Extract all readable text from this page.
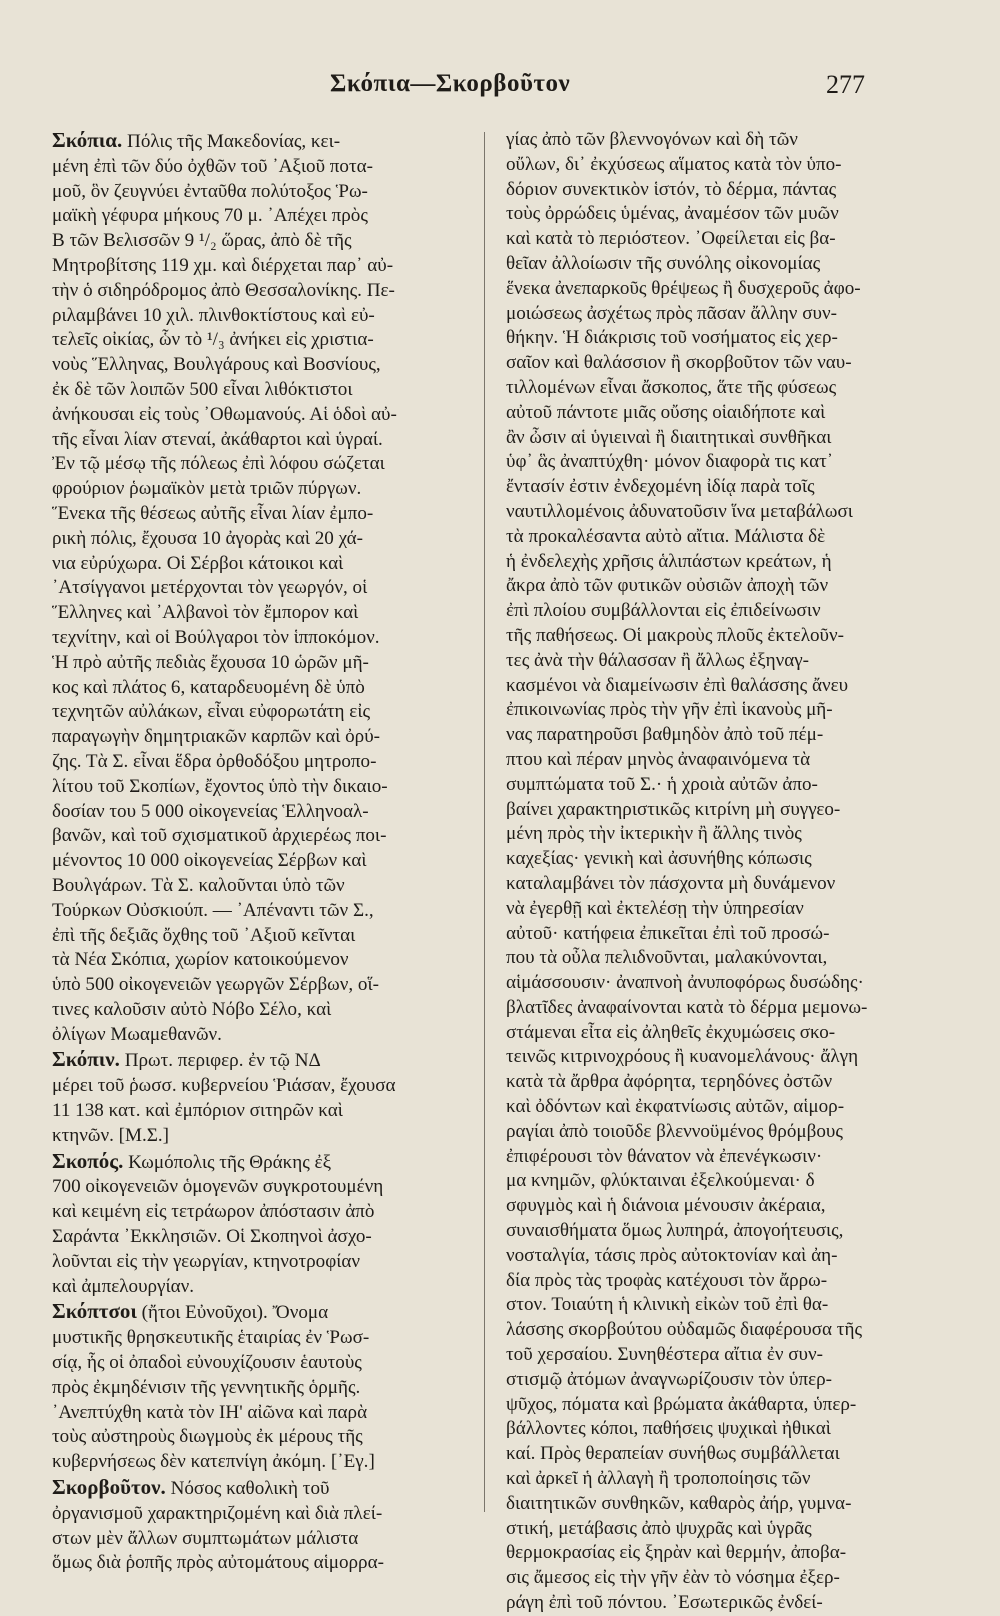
Σκόπια—Σκορβοῦτον	277
Σκόπια. Πόλις τῆς Μακεδονίας, κει-
μένη ἐπὶ τῶν δύο ὀχθῶν τοῦ ᾿Αξιοῦ ποτα-
μοῦ, ὃν ζευγνύει ἐνταῦθα πολύτοξος Ῥω-
μαϊκὴ γέφυρα μήκους 70 μ. ᾿Απέχει πρὸς
Β τῶν Βελισσῶν 9 ¹/₂ ὥρας, ἀπὸ δὲ τῆς
Μητροβίτσης 119 χμ. καὶ διέρχεται παρ᾿ αὐ-
τὴν ὁ σιδηρόδρομος ἀπὸ Θεσσαλονίκης. Πε-
ριλαμβάνει 10 χιλ. πλινθοκτίστους καὶ εὐ-
τελεῖς οἰκίας, ὧν τὸ ¹/₃ ἀνήκει εἰς χριστια-
νοὺς Ἕλληνας, Βουλγάρους καὶ Βοσνίους,
ἐκ δὲ τῶν λοιπῶν 500 εἶναι λιθόκτιστοι
ἀνήκουσαι εἰς τοὺς ᾿Οθωμανούς. Αἱ ὁδοὶ αὐ-
τῆς εἶναι λίαν στεναί, ἀκάθαρτοι καὶ ὑγραί.
Ἐν τῷ μέσῳ τῆς πόλεως ἐπὶ λόφου σώζεται
φρούριον ῥωμαϊκὸν μετὰ τριῶν πύργων.
Ἕνεκα τῆς θέσεως αὐτῆς εἶναι λίαν ἐμπο-
ρικὴ πόλις, ἔχουσα 10 ἀγορὰς καὶ 20 χά-
νια εὐρύχωρα. Οἱ Σέρβοι κάτοικοι καὶ
᾿Ατσίγγανοι μετέρχονται τὸν γεωργόν, οἱ
Ἕλληνες καὶ ᾿Αλβανοὶ τὸν ἔμπορον καὶ
τεχνίτην, καὶ οἱ Βούλγαροι τὸν ἱπποκόμον.
Ἡ πρὸ αὐτῆς πεδιὰς ἔχουσα 10 ὡρῶν μῆ-
κος καὶ πλάτος 6, καταρδευομένη δὲ ὑπὸ
τεχνητῶν αὐλάκων, εἶναι εὐφορωτάτη εἰς
παραγωγὴν δημητριακῶν καρπῶν καὶ ὀρύ-
ζης. Τὰ Σ. εἶναι ἕδρα ὀρθοδόξου μητροπο-
λίτου τοῦ Σκοπίων, ἔχοντος ὑπὸ τὴν δικαιο-
δοσίαν του 5 000 οἰκογενείας Ἑλληνοαλ-
βανῶν, καὶ τοῦ σχισματικοῦ ἀρχιερέως ποι-
μένοντος 10 000 οἰκογενείας Σέρβων καὶ
Βουλγάρων. Τὰ Σ. καλοῦνται ὑπὸ τῶν
Τούρκων Οὐσκιούπ. — ᾿Απέναντι τῶν Σ.,
ἐπὶ τῆς δεξιᾶς ὄχθης τοῦ ᾿Αξιοῦ κεῖνται
τὰ Νέα Σκόπια, χωρίον κατοικούμενον
ὑπὸ 500 οἰκογενειῶν γεωργῶν Σέρβων, οἵ-
τινες καλοῦσιν αὐτὸ Νόβο Σέλο, καὶ
ὀλίγων Μωαμεθανῶν.
Σκόπιν. Πρωτ. περιφερ. ἐν τῷ ΝΔ
μέρει τοῦ ῥωσσ. κυβερνείου Ῥιάσαν, ἔχουσα
11 138 κατ. καὶ ἐμπόριον σιτηρῶν καὶ
κτηνῶν. [Μ.Σ.]
Σκοπός. Κωμόπολις τῆς Θράκης ἐξ
700 οἰκογενειῶν ὁμογενῶν συγκροτουμένη
καὶ κειμένη εἰς τετράωρον ἀπόστασιν ἀπὸ
Σαράντα ᾿Εκκλησιῶν. Οἱ Σκοπηνοὶ ἀσχο-
λοῦνται εἰς τὴν γεωργίαν, κτηνοτροφίαν
καὶ ἀμπελουργίαν.
Σκόπτσοι (ἤτοι Εὐνοῦχοι). Ὄνομα
μυστικῆς θρησκευτικῆς ἑταιρίας ἐν Ῥωσ-
σίᾳ, ἧς οἱ ὀπαδοὶ εὐνουχίζουσιν ἑαυτοὺς
πρὸς ἐκμηδένισιν τῆς γεννητικῆς ὁρμῆς.
᾿Ανεπτύχθη κατὰ τὸν ΙΗ' αἰῶνα καὶ παρὰ
τοὺς αὐστηροὺς διωγμοὺς ἐκ μέρους τῆς
κυβερνήσεως δὲν κατεπνίγη ἀκόμη. [᾿Εγ.]
Σκορβοῦτον. Νόσος καθολικὴ τοῦ
ὀργανισμοῦ χαρακτηριζομένη καὶ διὰ πλεί-
στων μὲν ἄλλων συμπτωμάτων μάλιστα
ὅμως διὰ ῥοπῆς πρὸς αὐτομάτους αἱμορρα-
γίας ἀπὸ τῶν βλεννογόνων καὶ δὴ τῶν
οὔλων, δι᾿ ἐκχύσεως αἵματος κατὰ τὸν ὑπο-
δόριον συνεκτικὸν ἱστόν, τὸ δέρμα, πάντας
τοὺς ὀρρώδεις ὑμένας, ἀναμέσον τῶν μυῶν
καὶ κατὰ τὸ περιόστεον. ᾿Οφείλεται εἰς βα-
θεῖαν ἀλλοίωσιν τῆς συνόλης οἰκονομίας
ἕνεκα ἀνεπαρκοῦς θρέψεως ἢ δυσχεροῦς ἀφο-
μοιώσεως ἀσχέτως πρὸς πᾶσαν ἄλλην συν-
θήκην. Ἡ διάκρισις τοῦ νοσήματος εἰς χερ-
σαῖον καὶ θαλάσσιον ἢ σκορβοῦτον τῶν ναυ-
τιλλομένων εἶναι ἄσκοπος, ἅτε τῆς φύσεως
αὐτοῦ πάντοτε μιᾶς οὔσης οἱαιδήποτε καὶ
ἂν ὦσιν αἱ ὑγιειναὶ ἢ διαιτητικαὶ συνθῆκαι
ὑφ᾿ ἃς ἀναπτύχθη· μόνον διαφορὰ τις κατ᾿
ἔντασίν ἐστιν ἐνδεχομένη ἰδίᾳ παρὰ τοῖς
ναυτιλλομένοις ἀδυνατοῦσιν ἵνα μεταβάλωσι
τὰ προκαλέσαντα αὐτὸ αἴτια. Μάλιστα δὲ
ἡ ἐνδελεχὴς χρῆσις ἁλιπάστων κρεάτων, ἡ
ἄκρα ἀπὸ τῶν φυτικῶν οὐσιῶν ἀποχὴ τῶν
ἐπὶ πλοίου συμβάλλονται εἰς ἐπιδείνωσιν
τῆς παθήσεως. Οἱ μακροὺς πλοῦς ἐκτελοῦν-
τες ἀνὰ τὴν θάλασσαν ἢ ἄλλως ἐξηναγ-
κασμένοι νὰ διαμείνωσιν ἐπὶ θαλάσσης ἄνευ
ἐπικοινωνίας πρὸς τὴν γῆν ἐπὶ ἱκανοὺς μῆ-
νας παρατηροῦσι βαθμηδὸν ἀπὸ τοῦ πέμ-
πτου καὶ πέραν μηνὸς ἀναφαινόμενα τὰ
συμπτώματα τοῦ Σ.· ἡ χροιὰ αὐτῶν ἀπο-
βαίνει χαρακτηριστικῶς κιτρίνη μὴ συγγεο-
μένη πρὸς τὴν ἰκτερικὴν ἢ ἄλλης τινὸς
καχεξίας· γενικὴ καὶ ἀσυνήθης κόπωσις
καταλαμβάνει τὸν πάσχοντα μὴ δυνάμενον
νὰ ἐγερθῇ καὶ ἐκτελέσῃ τὴν ὑπηρεσίαν
αὐτοῦ· κατήφεια ἐπικεῖται ἐπὶ τοῦ προσώ-
που τὰ οὖλα πελιδνοῦνται, μαλακύνονται,
αἱμάσσουσιν· ἀναπνοὴ ἀνυποφόρως δυσώδης·
βλατῖδες ἀναφαίνονται κατὰ τὸ δέρμα μεμονω-
στάμεναι εἶτα εἰς ἀληθεῖς ἐκχυμώσεις σκο-
τεινῶς κιτρινοχρόους ἢ κυανομελάνους· ἄλγη
κατὰ τὰ ἄρθρα ἀφόρητα, τερηδόνες ὀστῶν
καὶ ὀδόντων καὶ ἐκφατνίωσις αὐτῶν, αἱμορ-
ραγίαι ἀπὸ τοιοῦδε βλεννοϋμένος θρόμβους
ἐπιφέρουσι τὸν θάνατον νὰ ἐπενέγκωσιν·
μα κνημῶν, φλύκταιναι ἐξελκούμεναι· δ
σφυγμὸς καὶ ἡ διάνοια μένουσιν ἀκέραια,
συναισθήματα ὅμως λυπηρά, ἀπογοήτευσις,
νοσταλγία, τάσις πρὸς αὐτοκτονίαν καὶ ἀη-
δία πρὸς τὰς τροφὰς κατέχουσι τὸν ἄρρω-
στον. Τοιαύτη ἡ κλινικὴ εἰκὼν τοῦ ἐπὶ θα-
λάσσης σκορβούτου οὐδαμῶς διαφέρουσα τῆς
τοῦ χερσαίου. Συνηθέστερα αἴτια ἐν συν-
στισμῷ ἀτόμων ἀναγνωρίζουσιν τὸν ὑπερ-
ψῦχος, πόματα καὶ βρώματα ἀκάθαρτα, ὑπερ-
βάλλοντες κόποι, παθήσεις ψυχικαὶ ἠθικαὶ
καί. Πρὸς θεραπείαν συνήθως συμβάλλεται
καὶ ἀρκεῖ ἡ ἀλλαγὴ ἢ τροποποίησις τῶν
διαιτητικῶν συνθηκῶν, καθαρὸς ἀήρ, γυμνα-
στική, μετάβασις ἀπὸ ψυχρᾶς καὶ ὑγρᾶς
θερμοκρασίας εἰς ξηρὰν καὶ θερμήν, ἀποβα-
σις ἄμεσος εἰς τὴν γῆν ἐὰν τὸ νόσημα ἐξερ-
ράγη ἐπὶ τοῦ πόντου. ᾿Εσωτερικῶς ἐνδεί-
